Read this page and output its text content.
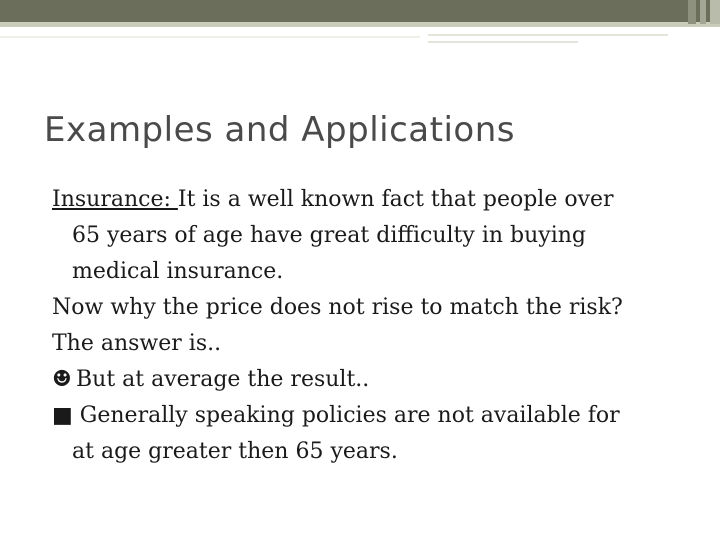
Examples and Applications
Insurance: It is a well known fact that people over
65 years of age have great difficulty in buying
medical insurance.
Now why the price does not rise to match the risk?
The answer is..
☻ But at average the result..
■ Generally speaking policies are not available for
at age greater then 65 years.
